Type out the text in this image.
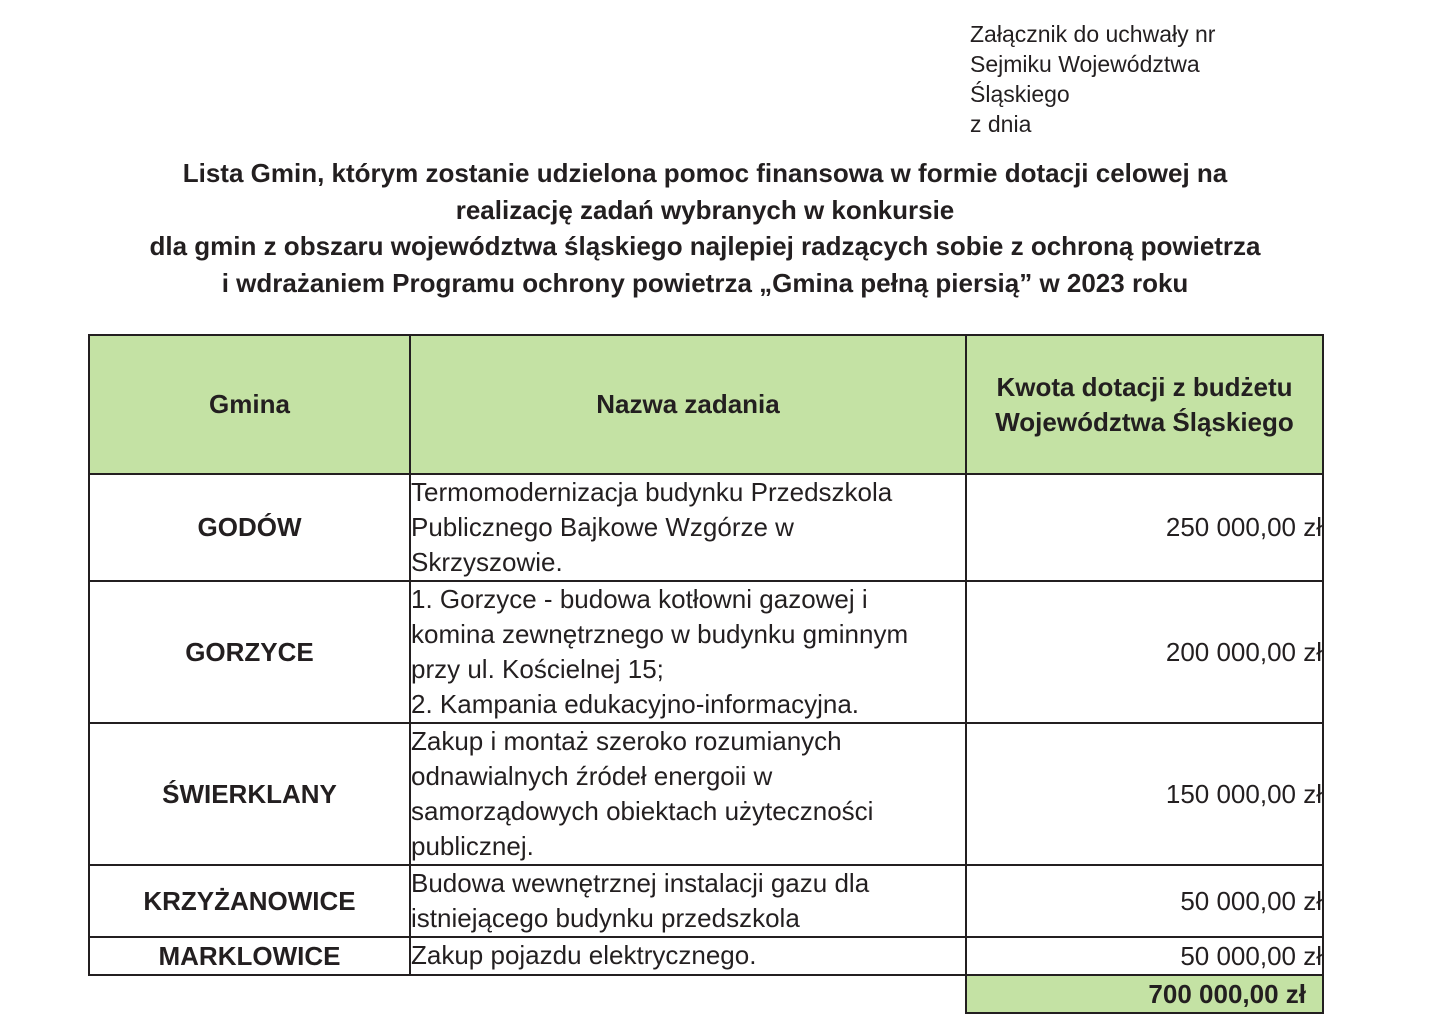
Załącznik do uchwały nr
Sejmiku Województwa
Śląskiego
z dnia
Lista Gmin, którym zostanie udzielona pomoc finansowa w formie dotacji celowej na
realizację zadań wybranych w konkursie
dla gmin z obszaru województwa śląskiego najlepiej radzących sobie z ochroną powietrza
i wdrażaniem Programu ochrony powietrza „Gmina pełną piersią” w 2023 roku
Gmina	Nazwa zadania	Kwota dotacji z budżetu
Województwa Śląskiego

GODÓW	Termomodernizacja budynku Przedszkola
Publicznego Bajkowe Wzgórze w
Skrzyszowie.	250 000,00 zł
GORZYCE	1. Gorzyce - budowa kotłowni gazowej i
komina zewnętrznego w budynku gminnym
przy ul. Kościelnej 15;
2. Kampania edukacyjno-informacyjna.	200 000,00 zł
ŚWIERKLANY	Zakup i montaż szeroko rozumianych
odnawialnych źródeł energoii w
samorządowych obiektach użyteczności
publicznej.	150 000,00 zł
KRZYŻANOWICE	Budowa wewnętrznej instalacji gazu dla
istniejącego budynku przedszkola	50 000,00 zł
MARKLOWICE	Zakup pojazdu elektrycznego.	50 000,00 zł
		700 000,00 zł
